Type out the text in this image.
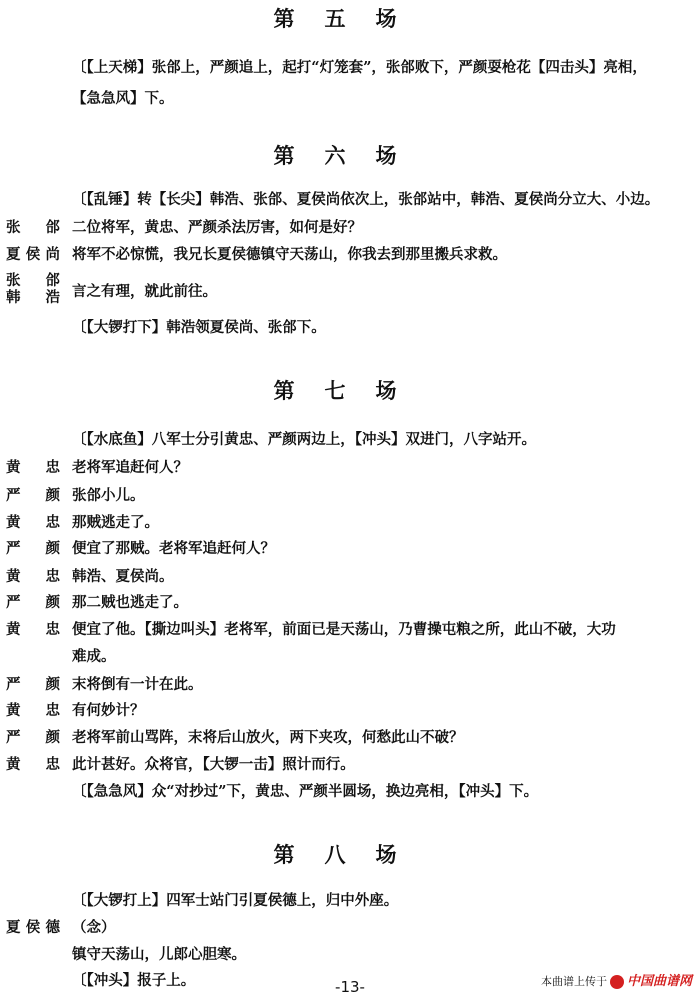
第五场
〔【上天梯】张郃上，严颜追上，起打“灯笼套”，张郃败下，严颜耍枪花【四击头】亮相，
【急急风】下。
第六场
〔【乱锤】转【长尖】韩浩、张郃、夏侯尚依次上，张郃站中，韩浩、夏侯尚分立大、小边。
张郃 二位将军，黄忠、严颜杀法厉害，如何是好？
夏侯尚 将军不必惊慌，我兄长夏侯德镇守天荡山，你我去到那里搬兵求救。
张郃
韩浩 言之有理，就此前往。
〔【大锣打下】韩浩领夏侯尚、张郃下。
第七场
〔【水底鱼】八军士分引黄忠、严颜两边上，【冲头】双进门，八字站开。
黄忠 老将军追赶何人？
严颜 张郃小儿。
黄忠 那贼逃走了。
严颜 便宜了那贼。老将军追赶何人？
黄忠 韩浩、夏侯尚。
严颜 那二贼也逃走了。
黄忠 便宜了他。【撕边叫头】老将军，前面已是天荡山，乃曹操屯粮之所，此山不破，大功
难成。
严颜 末将倒有一计在此。
黄忠 有何妙计？
严颜 老将军前山骂阵，末将后山放火，两下夹攻，何愁此山不破？
黄忠 此计甚好。众将官，【大锣一击】照计而行。
〔【急急风】众“对抄过”下，黄忠、严颜半圆场，换边亮相，【冲头】下。
第八场
〔【大锣打上】四军士站门引夏侯德上，归中外座。
夏侯德 （念）
镇守天荡山，儿郎心胆寒。
〔【冲头】报子上。	-13-	本曲谱上传于 中国曲谱网
